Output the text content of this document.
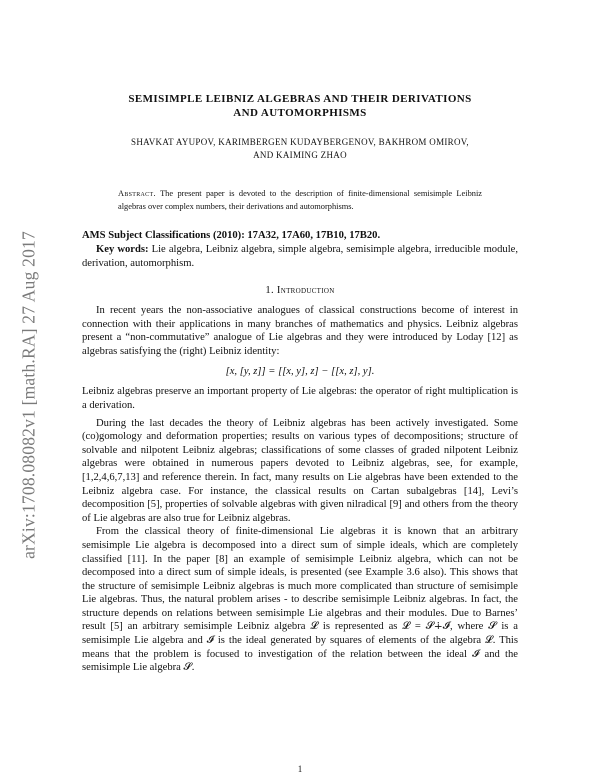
arXiv:1708.08082v1 [math.RA] 27 Aug 2017
SEMISIMPLE LEIBNIZ ALGEBRAS AND THEIR DERIVATIONS
AND AUTOMORPHISMS
SHAVKAT AYUPOV, KARIMBERGEN KUDAYBERGENOV, BAKHROM OMIROV,
AND KAIMING ZHAO
Abstract. The present paper is devoted to the description of finite-dimensional semisimple Leibniz algebras over complex numbers, their derivations and automorphisms.
AMS Subject Classifications (2010): 17A32, 17A60, 17B10, 17B20.
Key words: Lie algebra, Leibniz algebra, simple algebra, semisimple algebra, irreducible module, derivation, automorphism.
1. Introduction

In recent years the non-associative analogues of classical constructions become of interest in connection with their applications in many branches of mathematics and physics. Leibniz algebras present a “non-commutative” analogue of Lie algebras and they were introduced by Loday [12] as algebras satisfying the (right) Leibniz identity:

[x, [y, z]] = [[x, y], z] − [[x, z], y].

Leibniz algebras preserve an important property of Lie algebras: the operator of right multiplication is a derivation.

During the last decades the theory of Leibniz algebras has been actively investigated. Some (co)gomology and deformation properties; results on various types of decompositions; structure of solvable and nilpotent Leibniz algebras; classifications of some classes of graded nilpotent Leibniz algebras were obtained in numerous papers devoted to Leibniz algebras, see, for example, [1,2,4,6,7,13] and reference therein. In fact, many results on Lie algebras have been extended to the Leibniz algebra case. For instance, the classical results on Cartan subalgebras [14], Levi’s decomposition [5], properties of solvable algebras with given nilradical [9] and others from the theory of Lie algebras are also true for Leibniz algebras.

From the classical theory of finite-dimensional Lie algebras it is known that an arbitrary semisimple Lie algebra is decomposed into a direct sum of simple ideals, which are completely classified [11]. In the paper [8] an example of semisimple Leibniz algebra, which can not be decomposed into a direct sum of simple ideals, is presented (see Example 3.6 also). This shows that the structure of semisimple Leibniz algebras is much more complicated than structure of semisimple Lie algebras. Thus, the natural problem arises - to describe semisimple Leibniz algebras. In fact, the structure depends on relations between semisimple Lie algebras and their modules. Due to Barnes’ result [5] an arbitrary semisimple Leibniz algebra 𝓛 is represented as 𝓛 = 𝓢∔𝓘, where 𝓢 is a semisimple Lie algebra and 𝓘 is the ideal generated by squares of elements of the algebra 𝓛. This means that the problem is focused to investigation of the relation between the ideal 𝓘 and the semisimple Lie algebra 𝓢.

1
